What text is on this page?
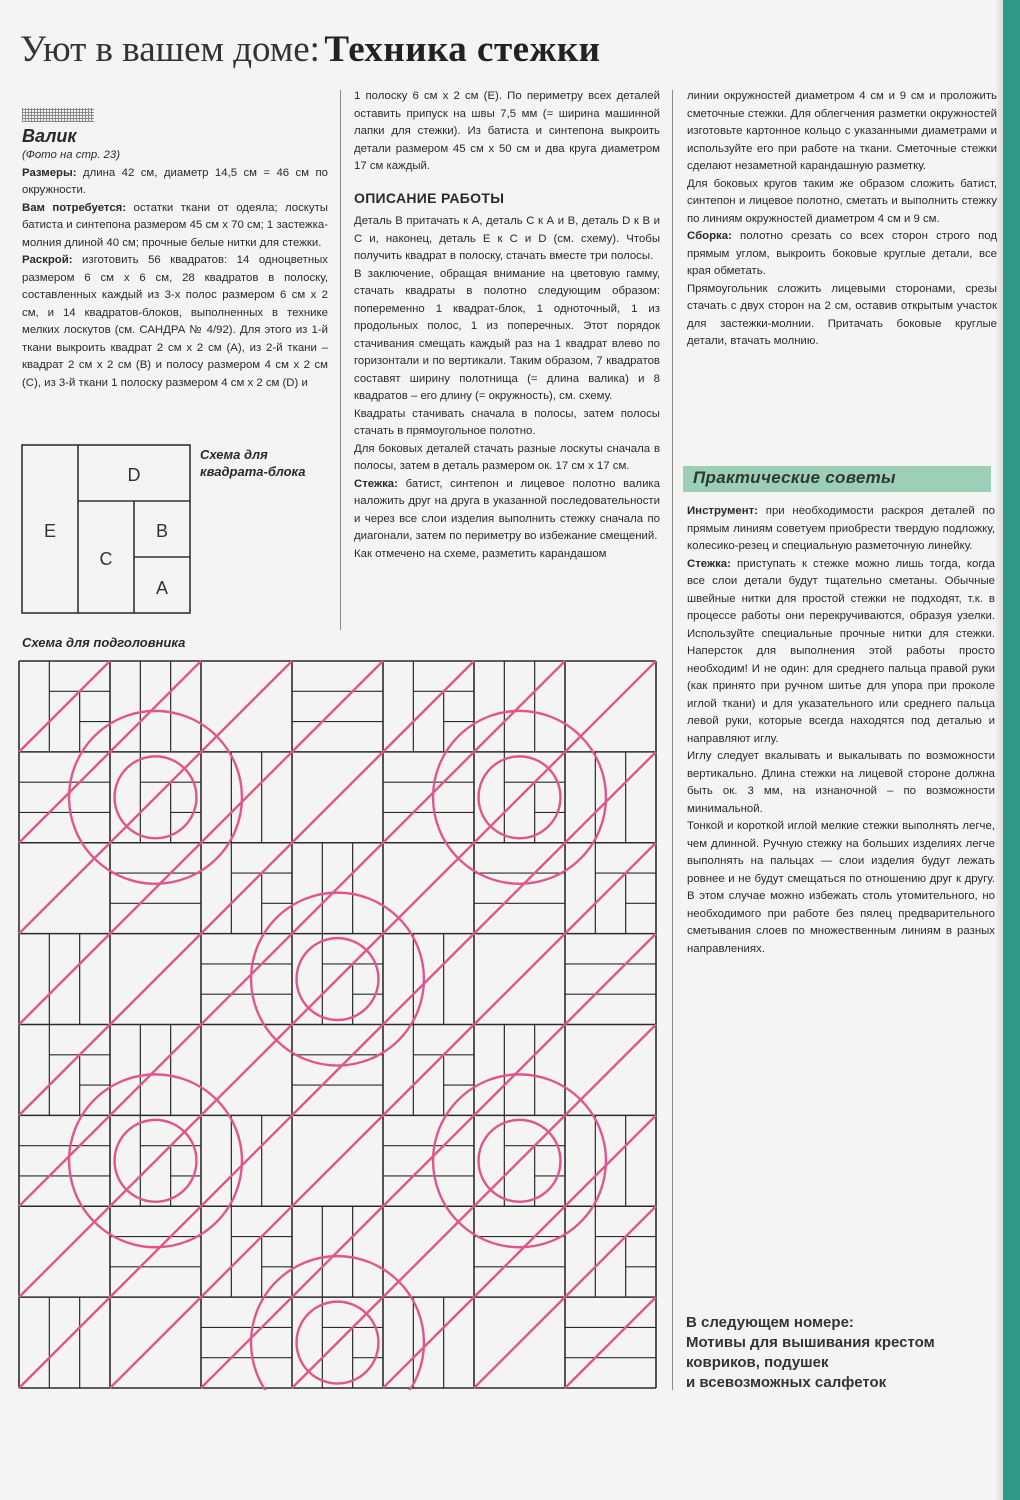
Уют в вашем доме: Техника стежки
Валик

(Фото на стр. 23)

Размеры: длина 42 см, диаметр 14,5 см = 46 см по окружности.

Вам потребуется: остатки ткани от одеяла; лоскуты батиста и синтепона размером 45 см х 70 см; 1 застежка-молния длиной 40 см; прочные белые нитки для стежки.

Раскрой: изготовить 56 квадратов: 14 одноцветных размером 6 см х 6 см, 28 квадратов в полоску, составленных каждый из 3-х полос размером 6 см х 2 см, и 14 квадратов-блоков, выполненных в технике мелких лоскутов (см. САНДРА № 4/92). Для этого из 1-й ткани выкроить квадрат 2 см х 2 см (А), из 2-й ткани – квадрат 2 см х 2 см (В) и полосу размером 4 см х 2 см (С), из 3-й ткани 1 полоску размером 4 см х 2 см (D) и

D
E
C
B
A
Схема для квадрата-блока

1 полоску 6 см х 2 см (Е). По периметру всех деталей оставить припуск на швы 7,5 мм (= ширина машинной лапки для стежки). Из батиста и синтепона выкроить детали размером 45 см х 50 см и два круга диаметром 17 см каждый.

ОПИСАНИЕ РАБОТЫ

Деталь В притачать к А, деталь С к А и В, деталь D к В и С и, наконец, деталь Е к С и D (см. схему). Чтобы получить квадрат в полоску, стачать вместе три полосы.

В заключение, обращая внимание на цветовую гамму, стачать квадраты в полотно следующим образом: попеременно 1 квадрат-блок, 1 одноточный, 1 из продольных полос, 1 из поперечных. Этот порядок стачивания смещать каждый раз на 1 квадрат влево по горизонтали и по вертикали. Таким образом, 7 квадратов составят ширину полотнища (= длина валика) и 8 квадратов – его длину (= окружность), см. схему.

Квадраты стачивать сначала в полосы, затем полосы стачать в прямоугольное полотно.

Для боковых деталей стачать разные лоскуты сначала в полосы, затем в деталь размером ок. 17 см х 17 см.

Стежка: батист, синтепон и лицевое полотно валика наложить друг на друга в указанной последовательности и через все слои изделия выполнить стежку сначала по диагонали, затем по периметру во избежание смещений.

Как отмечено на схеме, разметить карандашом

линии окружностей диаметром 4 см и 9 см и проложить сметочные стежки. Для облегчения разметки окружностей изготовьте картонное кольцо с указанными диаметрами и используйте его при работе на ткани. Сметочные стежки сделают незаметной карандашную разметку.

Для боковых кругов таким же образом сложить батист, синтепон и лицевое полотно, сметать и выполнить стежку по линиям окружностей диаметром 4 см и 9 см.

Сборка: полотно срезать со всех сторон строго под прямым углом, выкроить боковые круглые детали, все края обметать.

Прямоугольник сложить лицевыми сторонами, срезы стачать с двух сторон на 2 см, оставив открытым участок для застежки-молнии. Притачать боковые круглые детали, втачать молнию.

Практические советы

Инструмент: при необходимости раскроя деталей по прямым линиям советуем приобрести твердую подложку, колесико-резец и специальную разметочную линейку.

Стежка: приступать к стежке можно лишь тогда, когда все слои детали будут тщательно сметаны. Обычные швейные нитки для простой стежки не подходят, т.к. в процессе работы они перекручиваются, образуя узелки. Используйте специальные прочные нитки для стежки. Наперсток для выполнения этой работы просто необходим! И не один: для среднего пальца правой руки (как принято при ручном шитье для упора при проколе иглой ткани) и для указательного или среднего пальца левой руки, которые всегда находятся под деталью и направляют иглу.

Иглу следует вкалывать и выкалывать по возможности вертикально. Длина стежки на лицевой стороне должна быть ок. 3 мм, на изнаночной – по возможности минимальной.

Тонкой и короткой иглой мелкие стежки выполнять легче, чем длинной. Ручную стежку на больших изделиях легче выполнять на пальцах — слои изделия будут лежать ровнее и не будут смещаться по отношению друг к другу. В этом случае можно избежать столь утомительного, но необходимого при работе без пялец предварительного сметывания слоев по множественным линиям в разных направлениях.

В следующем номере:
Мотивы для вышивания крестом
ковриков, подушек
и всевозможных салфеток
Схема для подголовника
